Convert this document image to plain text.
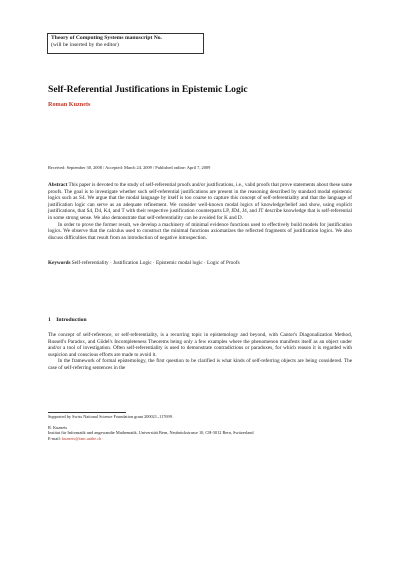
Theory of Computing Systems manuscript No.
(will be inserted by the editor)
Self-Referential Justifications in Epistemic Logic
Roman Kuznets
Received: September 30, 2008 / Accepted: March 24, 2009 / Published online: April 7, 2009

Abstract This paper is devoted to the study of self-referential proofs and/or justifications, i.e., valid proofs that prove statements about these same proofs. The goal is to investigate whether such self-referential justifications are present in the reasoning described by standard modal epistemic logics such as S4. We argue that the modal language by itself is too coarse to capture this concept of self-referentiality and that the language of justification logic can serve as an adequate refinement. We consider well-known modal logics of knowledge/belief and show, using explicit justifications, that S4, D4, K4, and T with their respective justification counterparts LP, JD4, J4, and JT describe knowledge that is self-referential in some strong sense. We also demonstrate that self-referentiality can be avoided for K and D.

In order to prove the former result, we develop a machinery of minimal evidence functions used to effectively build models for justification logics. We observe that the calculus used to construct the minimal functions axiomatizes the reflected fragments of justification logics. We also discuss difficulties that result from an introduction of negative introspection.

Keywords Self-referentiality · Justification Logic · Epistemic modal logic · Logic of Proofs
1 Introduction

The concept of self-reference, or self-referentiality, is a recurring topic in epistemology and beyond, with Cantor's Diagonalization Method, Russell's Paradox, and Gödel's Incompleteness Theorems being only a few examples where the phenomenon manifests itself as an object under and/or a tool of investigation. Often self-referentiality is used to demonstrate contradictions or paradoxes, for which reason it is regarded with suspicion and conscious efforts are made to avoid it.

In the framework of formal epistemology, the first question to be clarified is what kinds of self-referring objects are being considered. The case of self-referring sentences in the

Supported by Swiss National Science Foundation grant 200021–117699.
R. Kuznets
Institut für Informatik und angewandte Mathematik, Universität Bern, Neubrückstrasse 10, CH-3012 Bern, Switzerland
E-mail: kuznets@iam.unibe.ch
